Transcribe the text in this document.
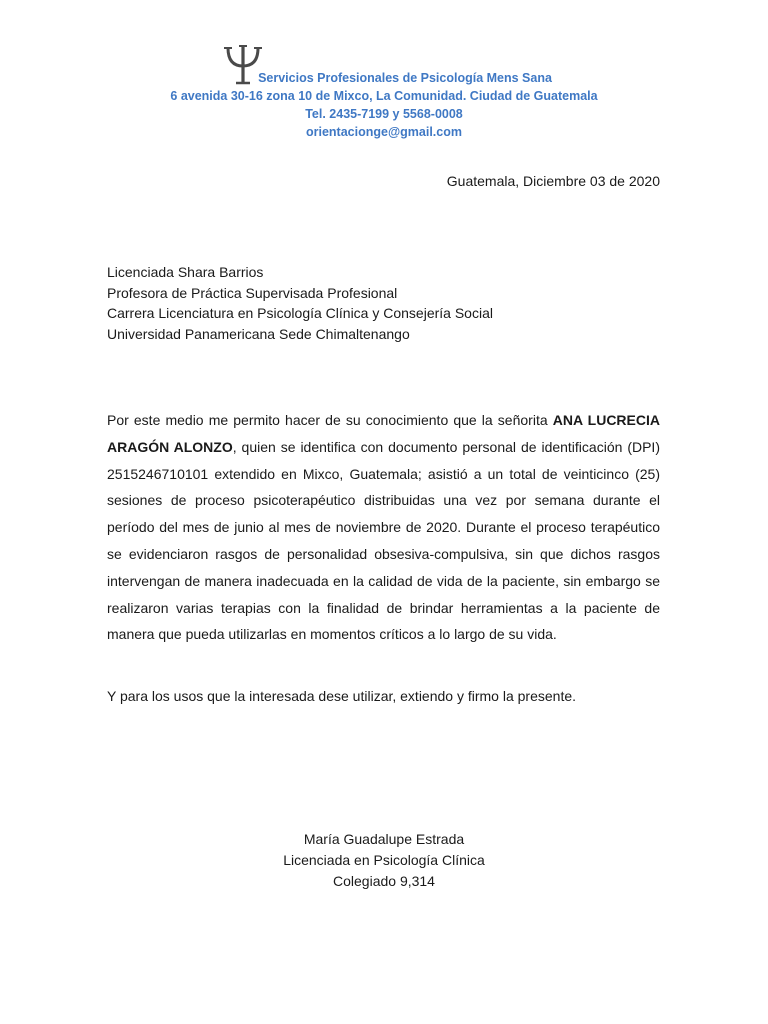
Servicios Profesionales de Psicología Mens Sana
6 avenida 30-16 zona 10 de Mixco, La Comunidad. Ciudad de Guatemala
Tel. 2435-7199 y 5568-0008
orientacionge@gmail.com
Guatemala, Diciembre 03 de 2020
Licenciada Shara Barrios
Profesora de Práctica Supervisada Profesional
Carrera Licenciatura en Psicología Clínica y Consejería Social
Universidad Panamericana Sede Chimaltenango

Por este medio me permito hacer de su conocimiento que la señorita ANA LUCRECIA ARAGÓN ALONZO, quien se identifica con documento personal de identificación (DPI) 2515246710101 extendido en Mixco, Guatemala; asistió a un total de veinticinco (25) sesiones de proceso psicoterapéutico distribuidas una vez por semana durante el período del mes de junio al mes de noviembre de 2020. Durante el proceso terapéutico se evidenciaron rasgos de personalidad obsesiva-compulsiva, sin que dichos rasgos intervengan de manera inadecuada en la calidad de vida de la paciente, sin embargo se realizaron varias terapias con la finalidad de brindar herramientas a la paciente de manera que pueda utilizarlas en momentos críticos a lo largo de su vida.

Y para los usos que la interesada dese utilizar, extiendo y firmo la presente.
María Guadalupe Estrada
Licenciada en Psicología Clínica
Colegiado 9,314
